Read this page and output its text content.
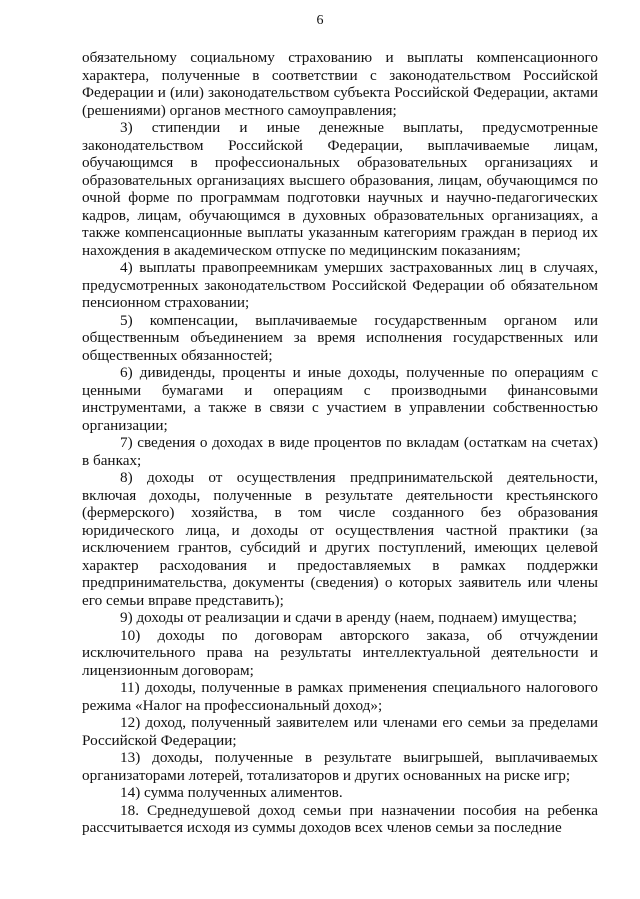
6

обязательному социальному страхованию и выплаты компенсационного характера, полученные в соответствии с законодательством Российской Федерации и (или) законодательством субъекта Российской Федерации, актами (решениями) органов местного самоуправления;

3) стипендии и иные денежные выплаты, предусмотренные законодательством Российской Федерации, выплачиваемые лицам, обучающимся в профессиональных образовательных организациях и образовательных организациях высшего образования, лицам, обучающимся по очной форме по программам подготовки научных и научно-педагогических кадров, лицам, обучающимся в духовных образовательных организациях, а также компенсационные выплаты указанным категориям граждан в период их нахождения в академическом отпуске по медицинским показаниям;

4) выплаты правопреемникам умерших застрахованных лиц в случаях, предусмотренных законодательством Российской Федерации об обязательном пенсионном страховании;

5) компенсации, выплачиваемые государственным органом или общественным объединением за время исполнения государственных или общественных обязанностей;

6) дивиденды, проценты и иные доходы, полученные по операциям с ценными бумагами и операциям с производными финансовыми инструментами, а также в связи с участием в управлении собственностью организации;

7) сведения о доходах в виде процентов по вкладам (остаткам на счетах) в банках;

8) доходы от осуществления предпринимательской деятельности, включая доходы, полученные в результате деятельности крестьянского (фермерского) хозяйства, в том числе созданного без образования юридического лица, и доходы от осуществления частной практики (за исключением грантов, субсидий и других поступлений, имеющих целевой характер расходования и предоставляемых в рамках поддержки предпринимательства, документы (сведения) о которых заявитель или члены его семьи вправе представить);

9) доходы от реализации и сдачи в аренду (наем, поднаем) имущества;

10) доходы по договорам авторского заказа, об отчуждении исключительного права на результаты интеллектуальной деятельности и лицензионным договорам;

11) доходы, полученные в рамках применения специального налогового режима «Налог на профессиональный доход»;

12) доход, полученный заявителем или членами его семьи за пределами Российской Федерации;

13) доходы, полученные в результате выигрышей, выплачиваемых организаторами лотерей, тотализаторов и других основанных на риске игр;

14) сумма полученных алиментов.

18. Среднедушевой доход семьи при назначении пособия на ребенка рассчитывается исходя из суммы доходов всех членов семьи за последние
